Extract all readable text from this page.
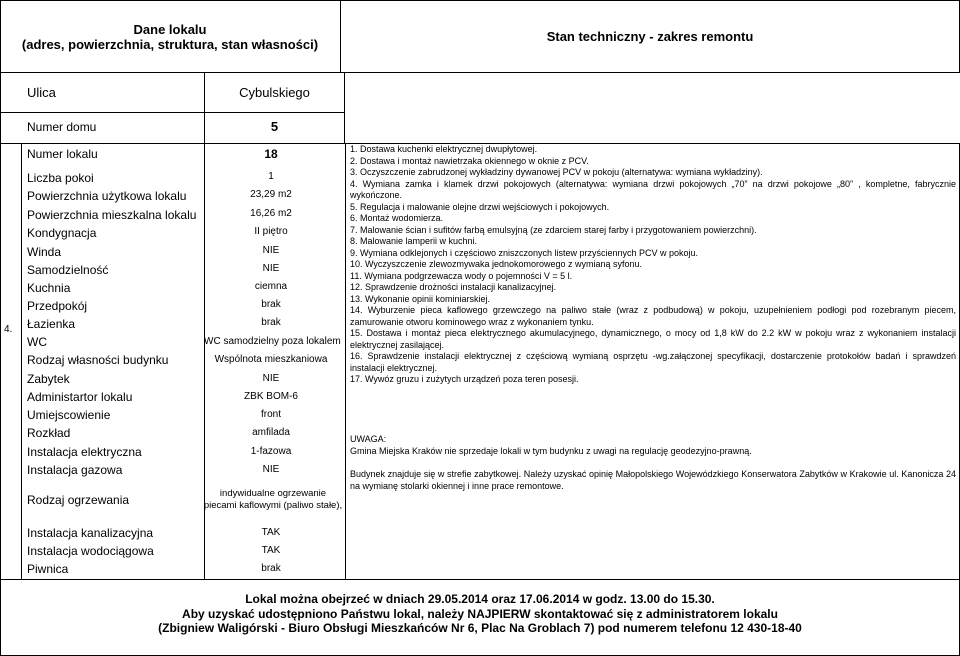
Dane lokalu
(adres, powierzchnia, struktura, stan własności)
Stan techniczny - zakres remontu
Ulica	Cybulskiego
Numer domu	5
4.
Numer lokalu	18
Liczba pokoi	1
Powierzchnia użytkowa lokalu	23,29 m2
Powierzchnia mieszkalna lokalu	16,26 m2
Kondygnacja	II piętro
Winda	NIE
Samodzielność	NIE
Kuchnia	ciemna
Przedpokój	brak
Łazienka	brak
WC	WC samodzielny poza lokalem
Rodzaj własności budynku	Wspólnota mieszkaniowa
Zabytek	NIE
Administartor lokalu	ZBK BOM-6
Umiejscowienie	front
Rozkład	amfilada
Instalacja elektryczna	1-fazowa
Instalacja gazowa	NIE
Rodzaj ogrzewania	indywidualne ogrzewanie piecami kaflowymi (paliwo stałe),
Instalacja kanalizacyjna	TAK
Instalacja wodociągowa	TAK
Piwnica	brak

1. Dostawa kuchenki elektrycznej dwupłytowej.

2. Dostawa i montaż nawietrzaka okiennego w oknie z PCV.

3. Oczyszczenie zabrudzonej wykładziny dywanowej PCV w pokoju (alternatywa: wymiana wykładziny).

4. Wymiana zamka i klamek drzwi pokojowych (alternatywa: wymiana drzwi pokojowych „70” na drzwi pokojowe „80” , kompletne, fabrycznie wykończone.

5. Regulacja i malowanie olejne drzwi wejściowych i pokojowych.

6. Montaż wodomierza.

7. Malowanie ścian i sufitów farbą emulsyjną (ze zdarciem starej farby i przygotowaniem powierzchni).

8. Malowanie lamperii w kuchni.

9. Wymiana odklejonych i częściowo zniszczonych listew przyściennych PCV w pokoju.

10. Wyczyszczenie zlewozmywaka jednokomorowego z wymianą syfonu.

11. Wymiana podgrzewacza wody o pojemności V = 5 l.

12. Sprawdzenie drożności instalacji kanalizacyjnej.

13. Wykonanie opinii kominiarskiej.

14. Wyburzenie pieca kaflowego grzewczego na paliwo stałe (wraz z podbudową) w pokoju, uzupełnieniem podłogi pod rozebranym piecem, zamurowanie otworu kominowego wraz z wykonaniem tynku.

15. Dostawa i montaż pieca elektrycznego akumulacyjnego, dynamicznego, o mocy od 1,8 kW do 2.2 kW w pokoju wraz z wykonaniem instalacji elektrycznej zasilającej.

16. Sprawdzenie instalacji elektrycznej z częściową wymianą osprzętu -wg.załączonej specyfikacji, dostarczenie protokołów badań i sprawdzeń instalacji elektrycznej.

17. Wywóz gruzu i zużytych urządzeń poza teren posesji.

UWAGA:

Gmina Miejska Kraków nie sprzedaje lokali w tym budynku z uwagi na regulację geodezyjno-prawną.

Budynek znajduje się w strefie zabytkowej. Należy uzyskać opinię Małopolskiego Wojewódzkiego Konserwatora Zabytków w Krakowie ul. Kanonicza 24 na wymianę stolarki okiennej i inne prace remontowe.

Lokal można obejrzeć w dniach 29.05.2014 oraz 17.06.2014 w godz. 13.00 do 15.30.
Aby uzyskać udostępniono Państwu lokal, należy NAJPIERW skontaktować się z administratorem lokalu
(Zbigniew Waligórski - Biuro Obsługi Mieszkańców Nr 6, Plac Na Groblach 7) pod numerem telefonu 12 430-18-40
